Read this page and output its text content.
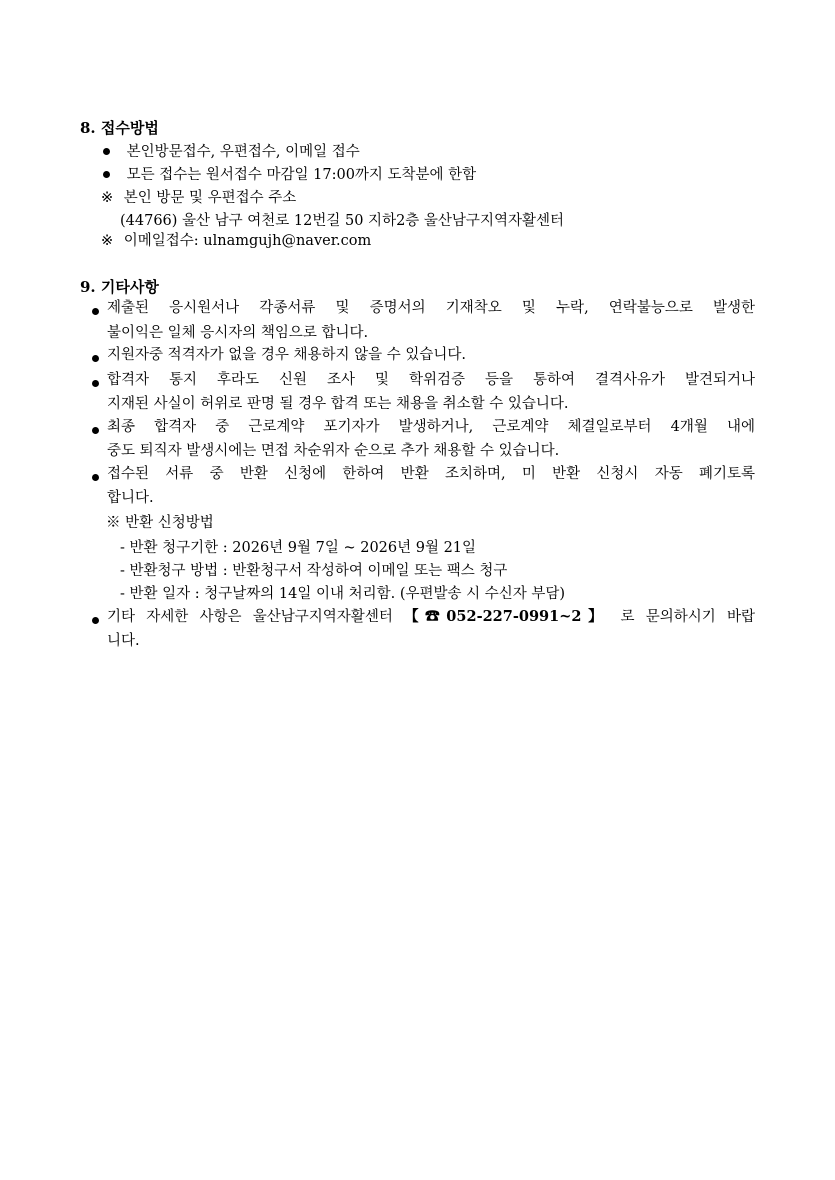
8. 접수방법
본인방문접수, 우편접수, 이메일 접수
모든 접수는 원서접수 마감일 17:00까지 도착분에 한함
※ 본인 방문 및 우편접수 주소
(44766) 울산 남구 여천로 12번길 50 지하2층 울산남구지역자활센터
※ 이메일접수: ulnamgujh@naver.com
9. 기타사항
제출된 응시원서나 각종서류 및 증명서의 기재착오 및 누락, 연락불능으로 발생한
불이익은 일체 응시자의 책임으로 합니다.
지원자중 적격자가 없을 경우 채용하지 않을 수 있습니다.
합격자 통지 후라도 신원 조사 및 학위검증 등을 통하여 결격사유가 발견되거나
지재된 사실이 허위로 판명 될 경우 합격 또는 채용을 취소할 수 있습니다.
최종 합격자 중 근로계약 포기자가 발생하거나, 근로계약 체결일로부터 4개월 내에
중도 퇴직자 발생시에는 면접 차순위자 순으로 추가 채용할 수 있습니다.
접수된 서류 중 반환 신청에 한하여 반환 조치하며, 미 반환 신청시 자동 폐기토록
합니다.
※ 반환 신청방법
- 반환 청구기한 : 2026년 9월 7일 ~ 2026년 9월 21일
- 반환청구 방법 : 반환청구서 작성하여 이메일 또는 팩스 청구
- 반환 일자 : 청구날짜의 14일 이내 처리함. (우편발송 시 수신자 부담)
기타 자세한 사항은 울산남구지역자활센터 【☎052-227-0991~2】 로 문의하시기 바랍
니다.
